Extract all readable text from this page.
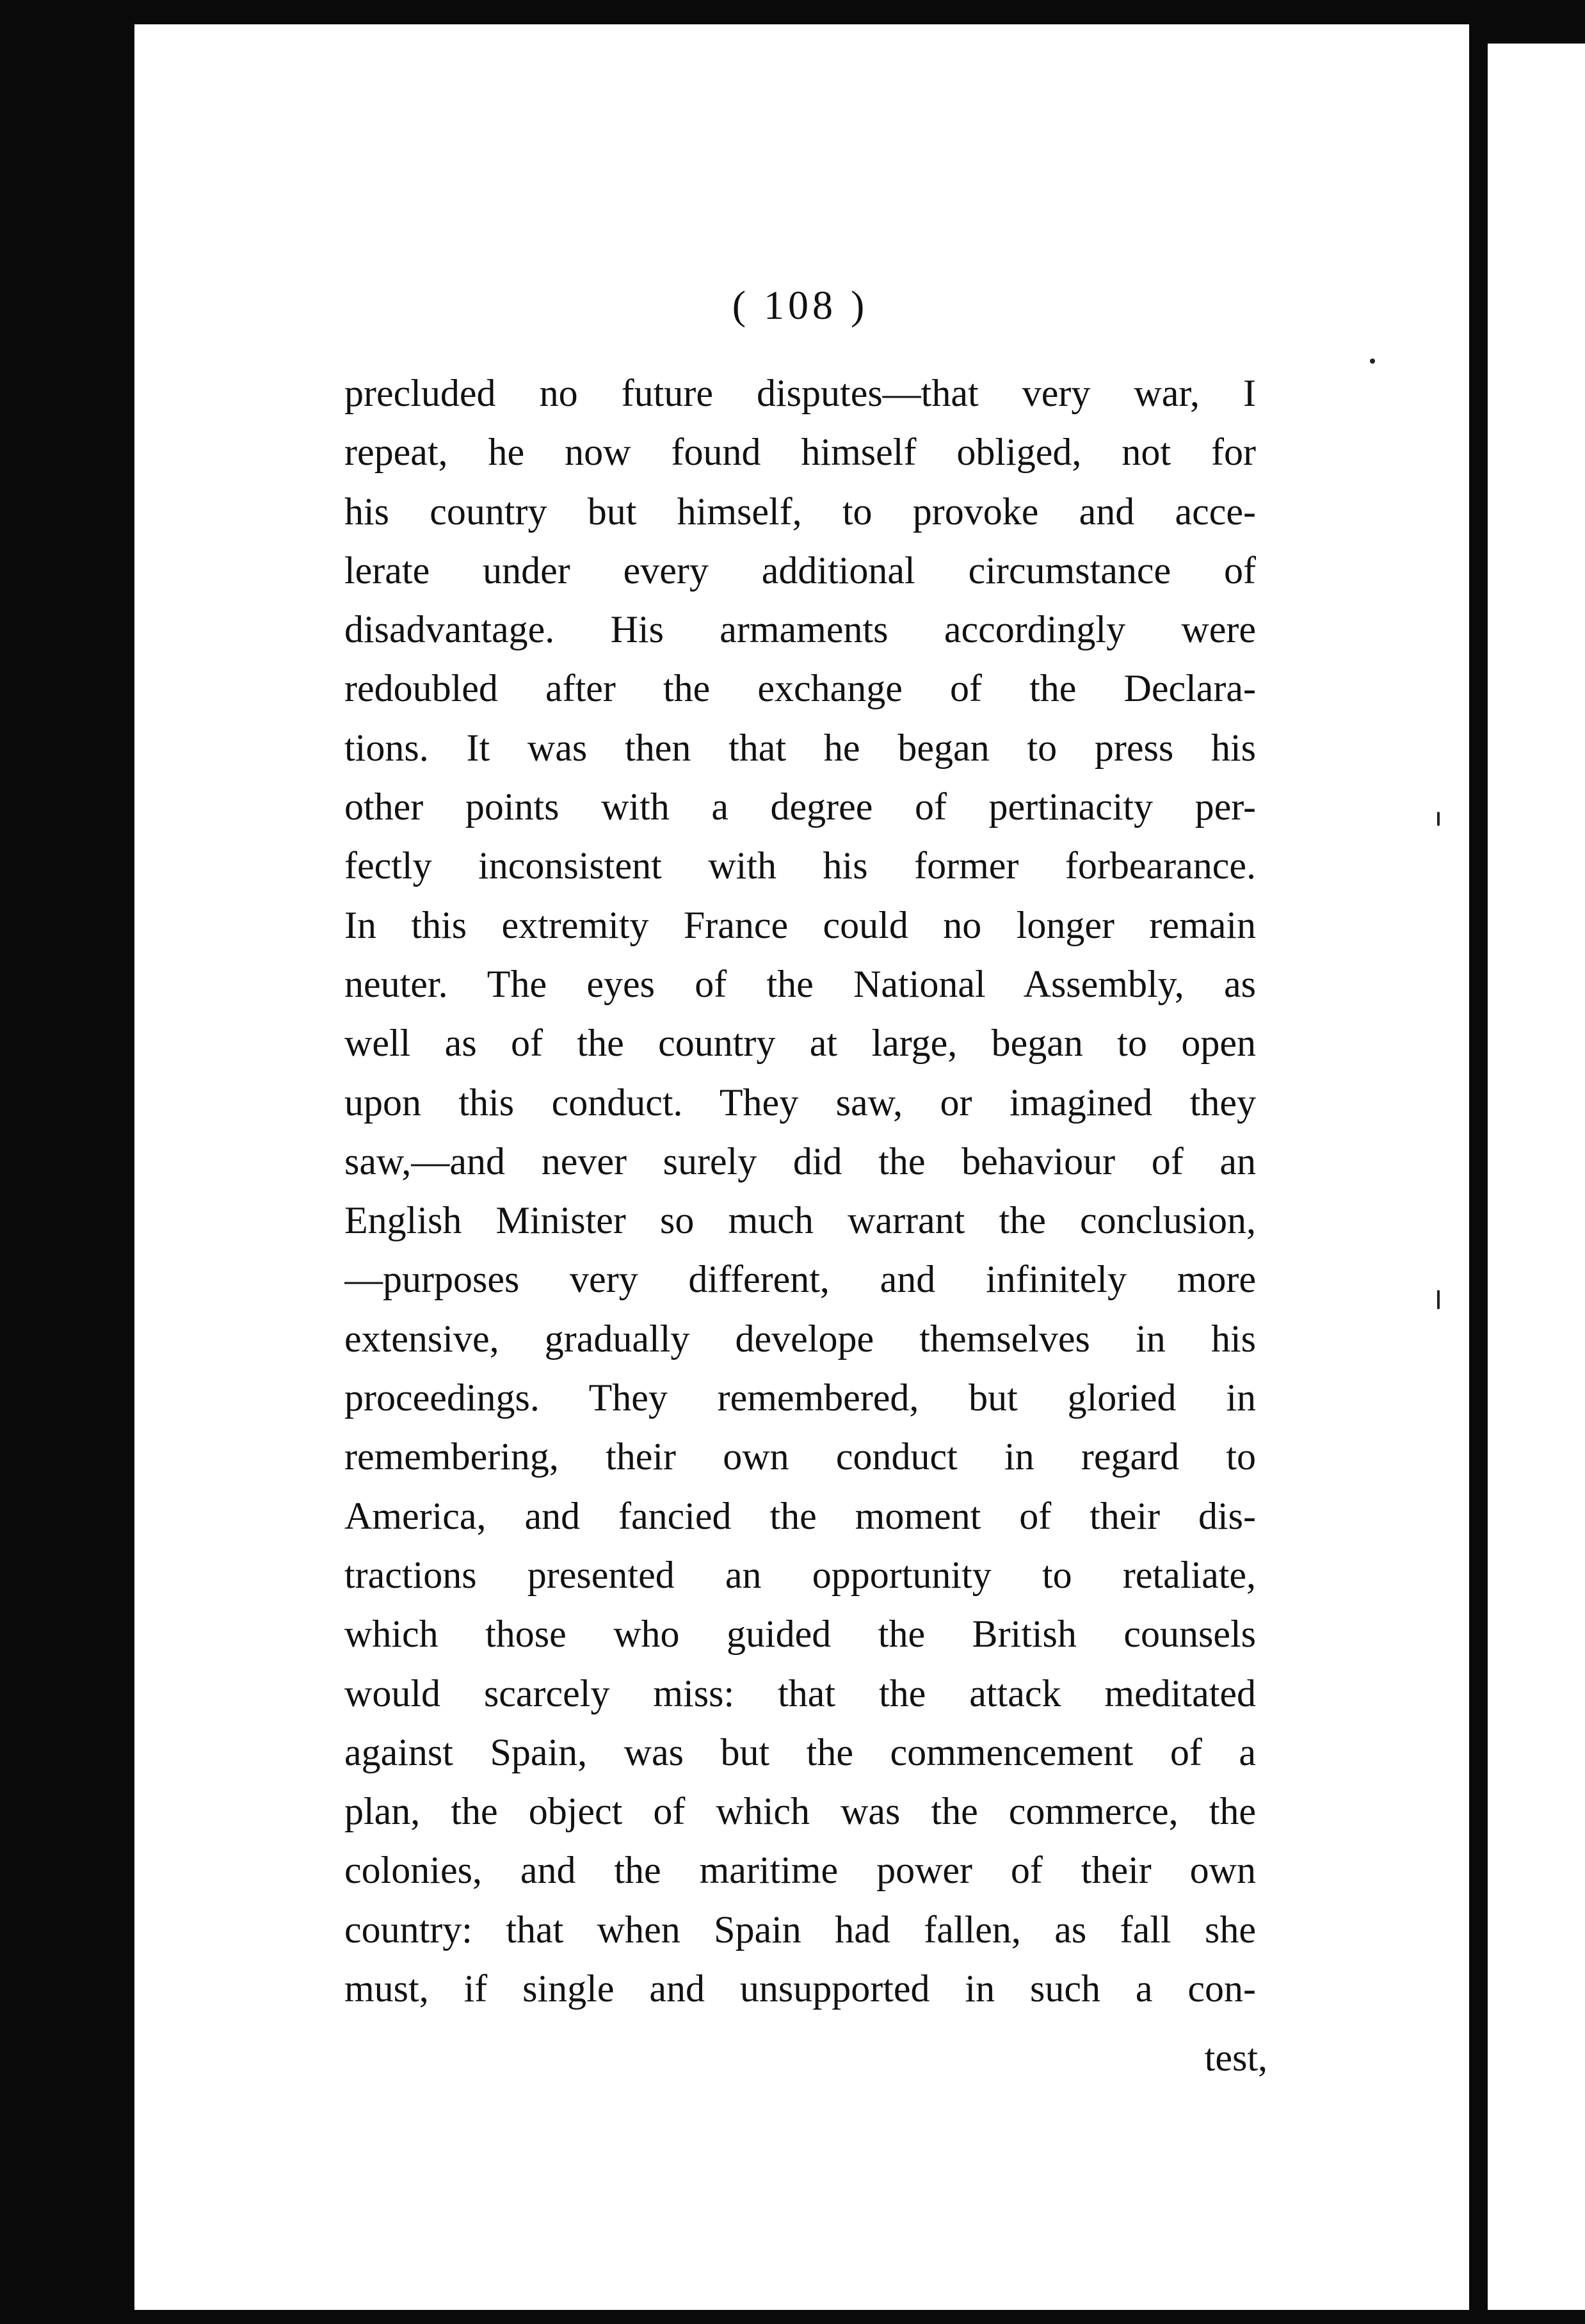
( 108 )
precluded no future disputes—that very war, I
repeat, he now found himself obliged, not for
his country but himself, to provoke and acce-
lerate under every additional circumstance of
disadvantage. His armaments accordingly were
redoubled after the exchange of the Declara-
tions. It was then that he began to press his
other points with a degree of pertinacity per-
fectly inconsistent with his former forbearance.
In this extremity France could no longer remain
neuter. The eyes of the National Assembly, as
well as of the country at large, began to open
upon this conduct. They saw, or imagined they
saw,—and never surely did the behaviour of an
English Minister so much warrant the conclusion,
—purposes very different, and infinitely more
extensive, gradually develope themselves in his
proceedings. They remembered, but gloried in
remembering, their own conduct in regard to
America, and fancied the moment of their dis-
tractions presented an opportunity to retaliate,
which those who guided the British counsels
would scarcely miss: that the attack meditated
against Spain, was but the commencement of a
plan, the object of which was the commerce, the
colonies, and the maritime power of their own
country: that when Spain had fallen, as fall she
must, if single and unsupported in such a con-
test,
